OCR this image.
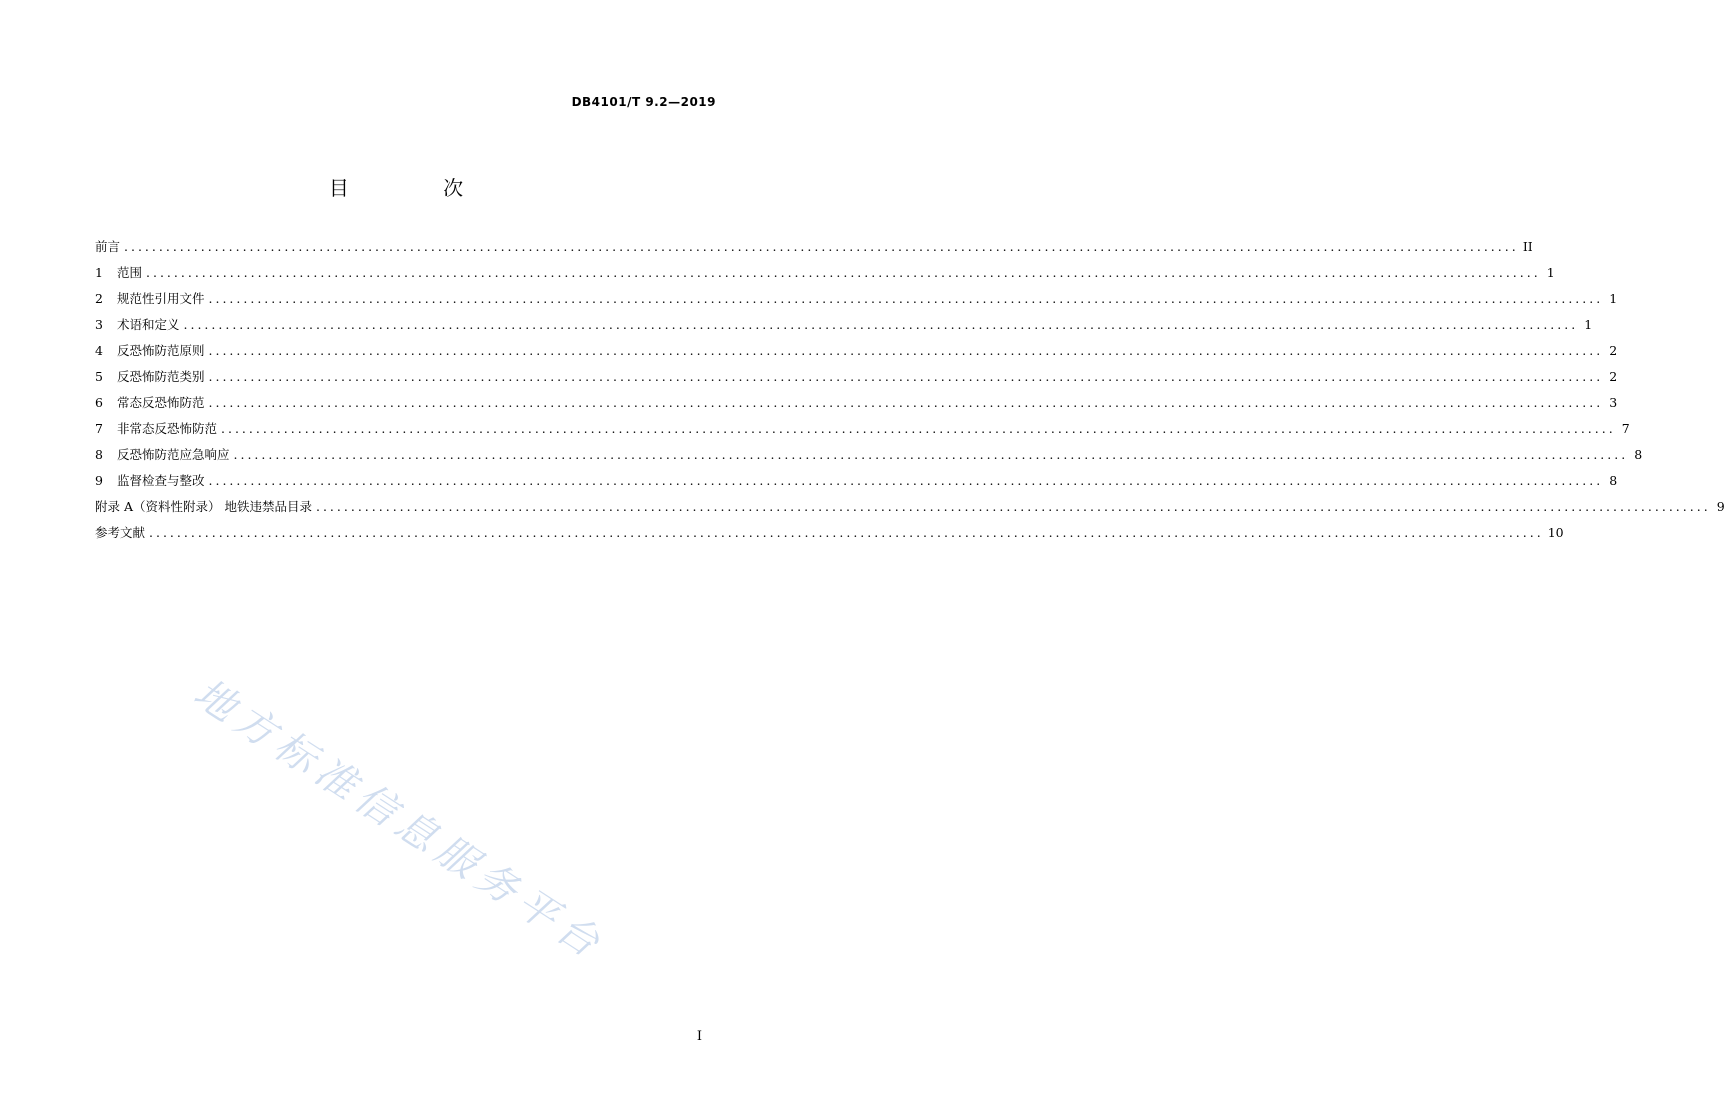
DB4101/T 9.2—2019
目 次
前言 ........................................................................................................................................................................................................ II
1	范围 ........................................................................................................................................................................................................ 1
2	规范性引用文件 ........................................................................................................................................................................................................ 1
3	术语和定义 ........................................................................................................................................................................................................ 1
4	反恐怖防范原则 ........................................................................................................................................................................................................ 2
5	反恐怖防范类别 ........................................................................................................................................................................................................ 2
6	常态反恐怖防范 ........................................................................................................................................................................................................ 3
7	非常态反恐怖防范 ........................................................................................................................................................................................................ 7
8	反恐怖防范应急响应 ........................................................................................................................................................................................................ 8
9	监督检查与整改 ........................................................................................................................................................................................................ 8
附录 A（资料性附录） 地铁违禁品目录 ........................................................................................................................................................................................................ 9
参考文献 ........................................................................................................................................................................................................ 10
地方标准信息服务平台
I
